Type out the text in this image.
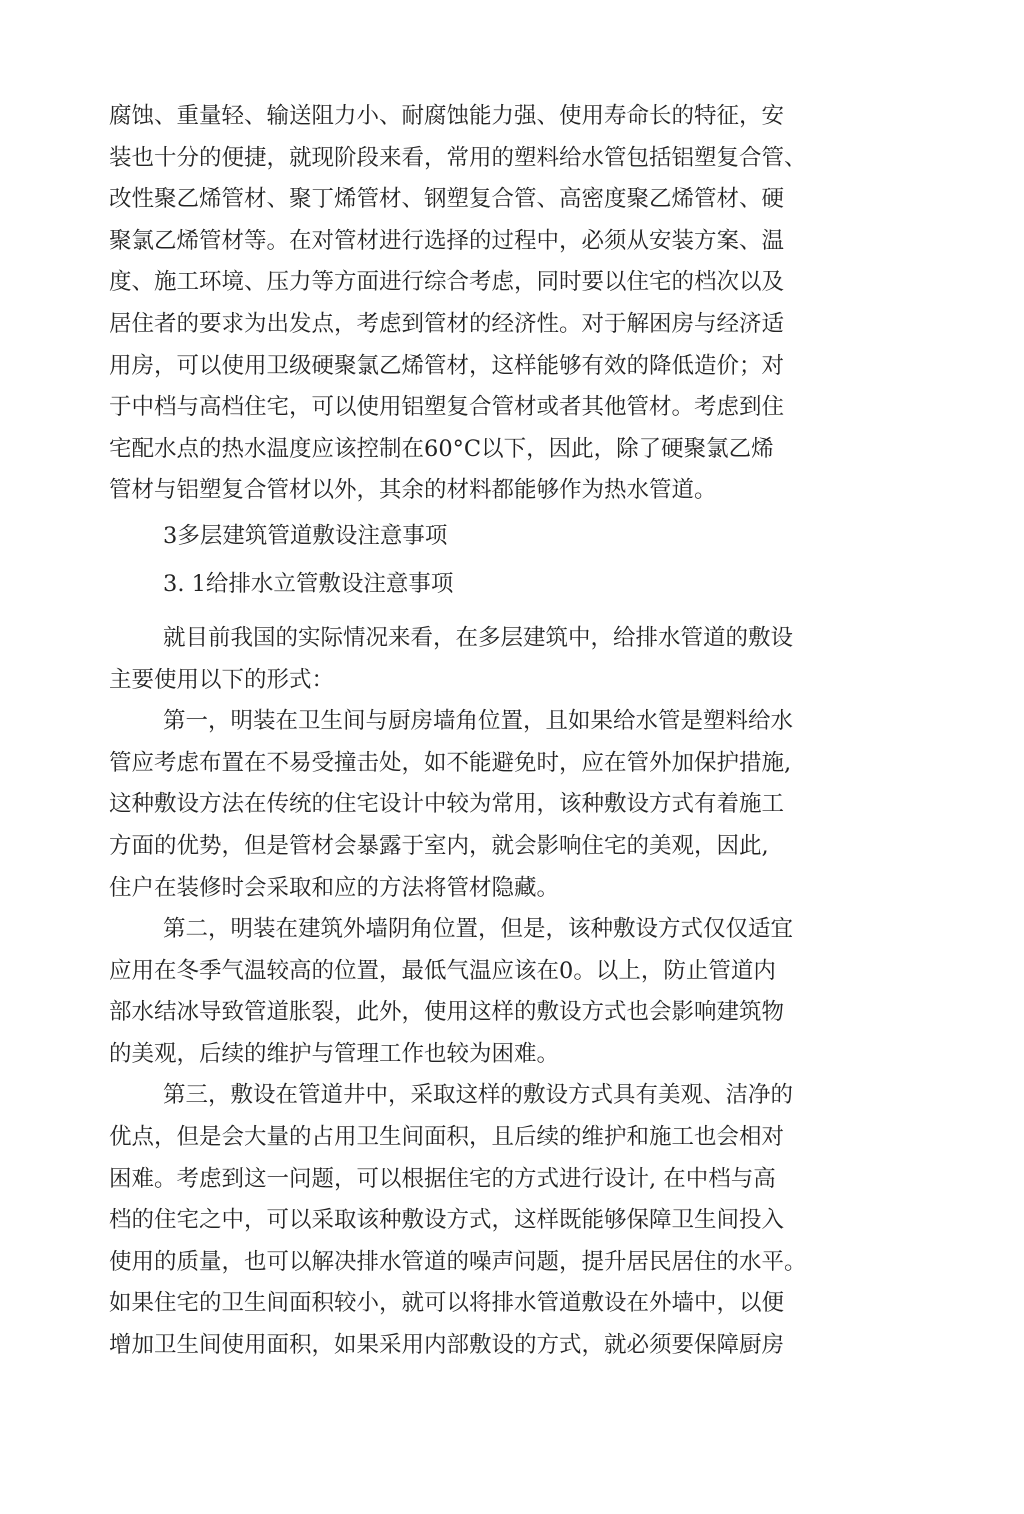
腐蚀、重量轻、输送阻力小、耐腐蚀能力强、使用寿命长的特征，安
装也十分的便捷，就现阶段来看，常用的塑料给水管包括铝塑复合管、
改性聚乙烯管材、聚丁烯管材、钢塑复合管、高密度聚乙烯管材、硬
聚氯乙烯管材等。在对管材进行选择的过程中，必须从安装方案、温
度、施工环境、压力等方面进行综合考虑，同时要以住宅的档次以及
居住者的要求为出发点，考虑到管材的经济性。对于解困房与经济适
用房，可以使用卫级硬聚氯乙烯管材，这样能够有效的降低造价；对
于中档与高档住宅，可以使用铝塑复合管材或者其他管材。考虑到住
宅配水点的热水温度应该控制在60°C以下，因此，除了硬聚氯乙烯
管材与铝塑复合管材以外，其余的材料都能够作为热水管道。
3多层建筑管道敷设注意事项
3. 1给排水立管敷设注意事项
就目前我国的实际情况来看，在多层建筑中，给排水管道的敷设
主要使用以下的形式：
第一，明装在卫生间与厨房墙角位置，且如果给水管是塑料给水
管应考虑布置在不易受撞击处，如不能避免时，应在管外加保护措施,
这种敷设方法在传统的住宅设计中较为常用，该种敷设方式有着施工
方面的优势，但是管材会暴露于室内，就会影响住宅的美观，因此,
住户在装修时会采取和应的方法将管材隐藏。
第二，明装在建筑外墙阴角位置，但是，该种敷设方式仅仅适宜
应用在冬季气温较高的位置，最低气温应该在0。以上，防止管道内
部水结冰导致管道胀裂，此外，使用这样的敷设方式也会影响建筑物
的美观，后续的维护与管理工作也较为困难。
第三，敷设在管道井中，采取这样的敷设方式具有美观、洁净的
优点，但是会大量的占用卫生间面积，且后续的维护和施工也会相对
困难。考虑到这一问题，可以根据住宅的方式进行设计, 在中档与高
档的住宅之中，可以采取该种敷设方式，这样既能够保障卫生间投入
使用的质量，也可以解决排水管道的噪声问题，提升居民居住的水平。
如果住宅的卫生间面积较小，就可以将排水管道敷设在外墙中，以便
增加卫生间使用面积，如果采用内部敷设的方式，就必须要保障厨房
